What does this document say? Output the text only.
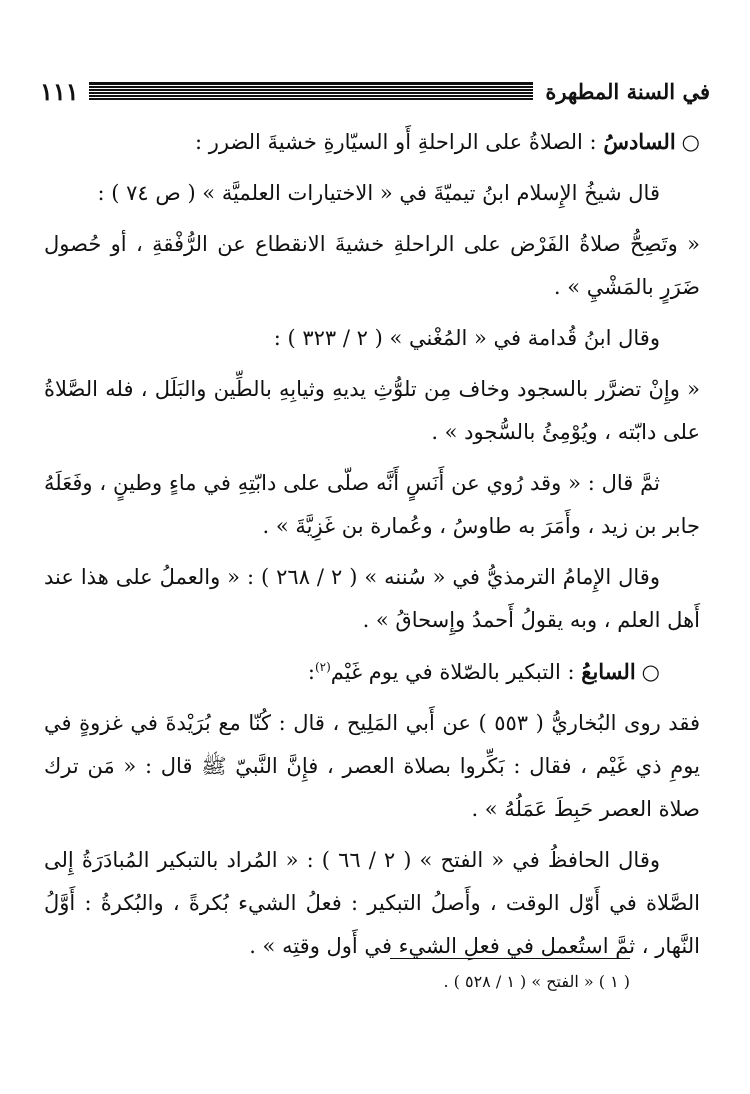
في السنة المطهرة
١١١

○السادسُ : الصلاةُ على الراحلةِ أَو السيّارةِ خشيةَ الضرر :

قال شيخُ الإِسلام ابنُ تيميّةَ في « الاختيارات العلميَّة » ( ص ٧٤ ) :

« وتَصِحُّ صلاةُ الفَرْض على الراحلةِ خشيةَ الانقطاع عن الرُّفْقةِ ، أو حُصول ضَرَرٍ بالمَشْيِ » .

وقال ابنُ قُدامة في « المُغْني » ( ٢ / ٣٢٣ ) :

« وإِنْ تضرَّر بالسجود وخاف مِن تلوُّثِ يديهِ وثيابِهِ بالطِّين والبَلَل ، فله الصَّلاةُ على دابّته ، ويُوْمِئُ بالسُّجود » .

ثمَّ قال : « وقد رُوي عن أَنَسٍ أَنَّه صلّى على دابّتِهِ في ماءٍ وطينٍ ، وفَعَلَهُ جابر بن زيد ، وأَمَرَ به طاوسُ ، وعُمارة بن غَزِيَّةَ » .

وقال الإِمامُ الترمذيُّ في « سُننه » ( ٢ / ٢٦٨ ) : « والعملُ على هذا عند أَهل العلم ، وبه يقولُ أَحمدُ وإِسحاقُ » .

○السابعُ : التبكير بالصّلاة في يوم غَيْم$^{(٢)}$:

فقد روى البُخاريُّ ( ٥٥٣ ) عن أَبي المَلِيح ، قال : كُنّا مع بُرَيْدةَ في غزوةٍ في يومِ ذي غَيْم ، فقال : بَكِّروا بصلاة العصر ، فإِنَّ النَّبيّ ﷺ قال : « مَن ترك صلاة العصر حَبِطَ عَمَلُهُ » .

وقال الحافظُ في « الفتح » ( ٢ / ٦٦ ) : « المُراد بالتبكير المُبادَرَةُ إِلى الصَّلاة في أَوّل الوقت ، وأَصلُ التبكير : فعلُ الشيء بُكرةً ، والبُكرةُ : أَوَّلُ النَّهار ، ثمَّ استُعمل في فعلِ الشيء في أَول وقتِه » .

( ١ ) « الفتح » ( ١ / ٥٢٨ ) .
